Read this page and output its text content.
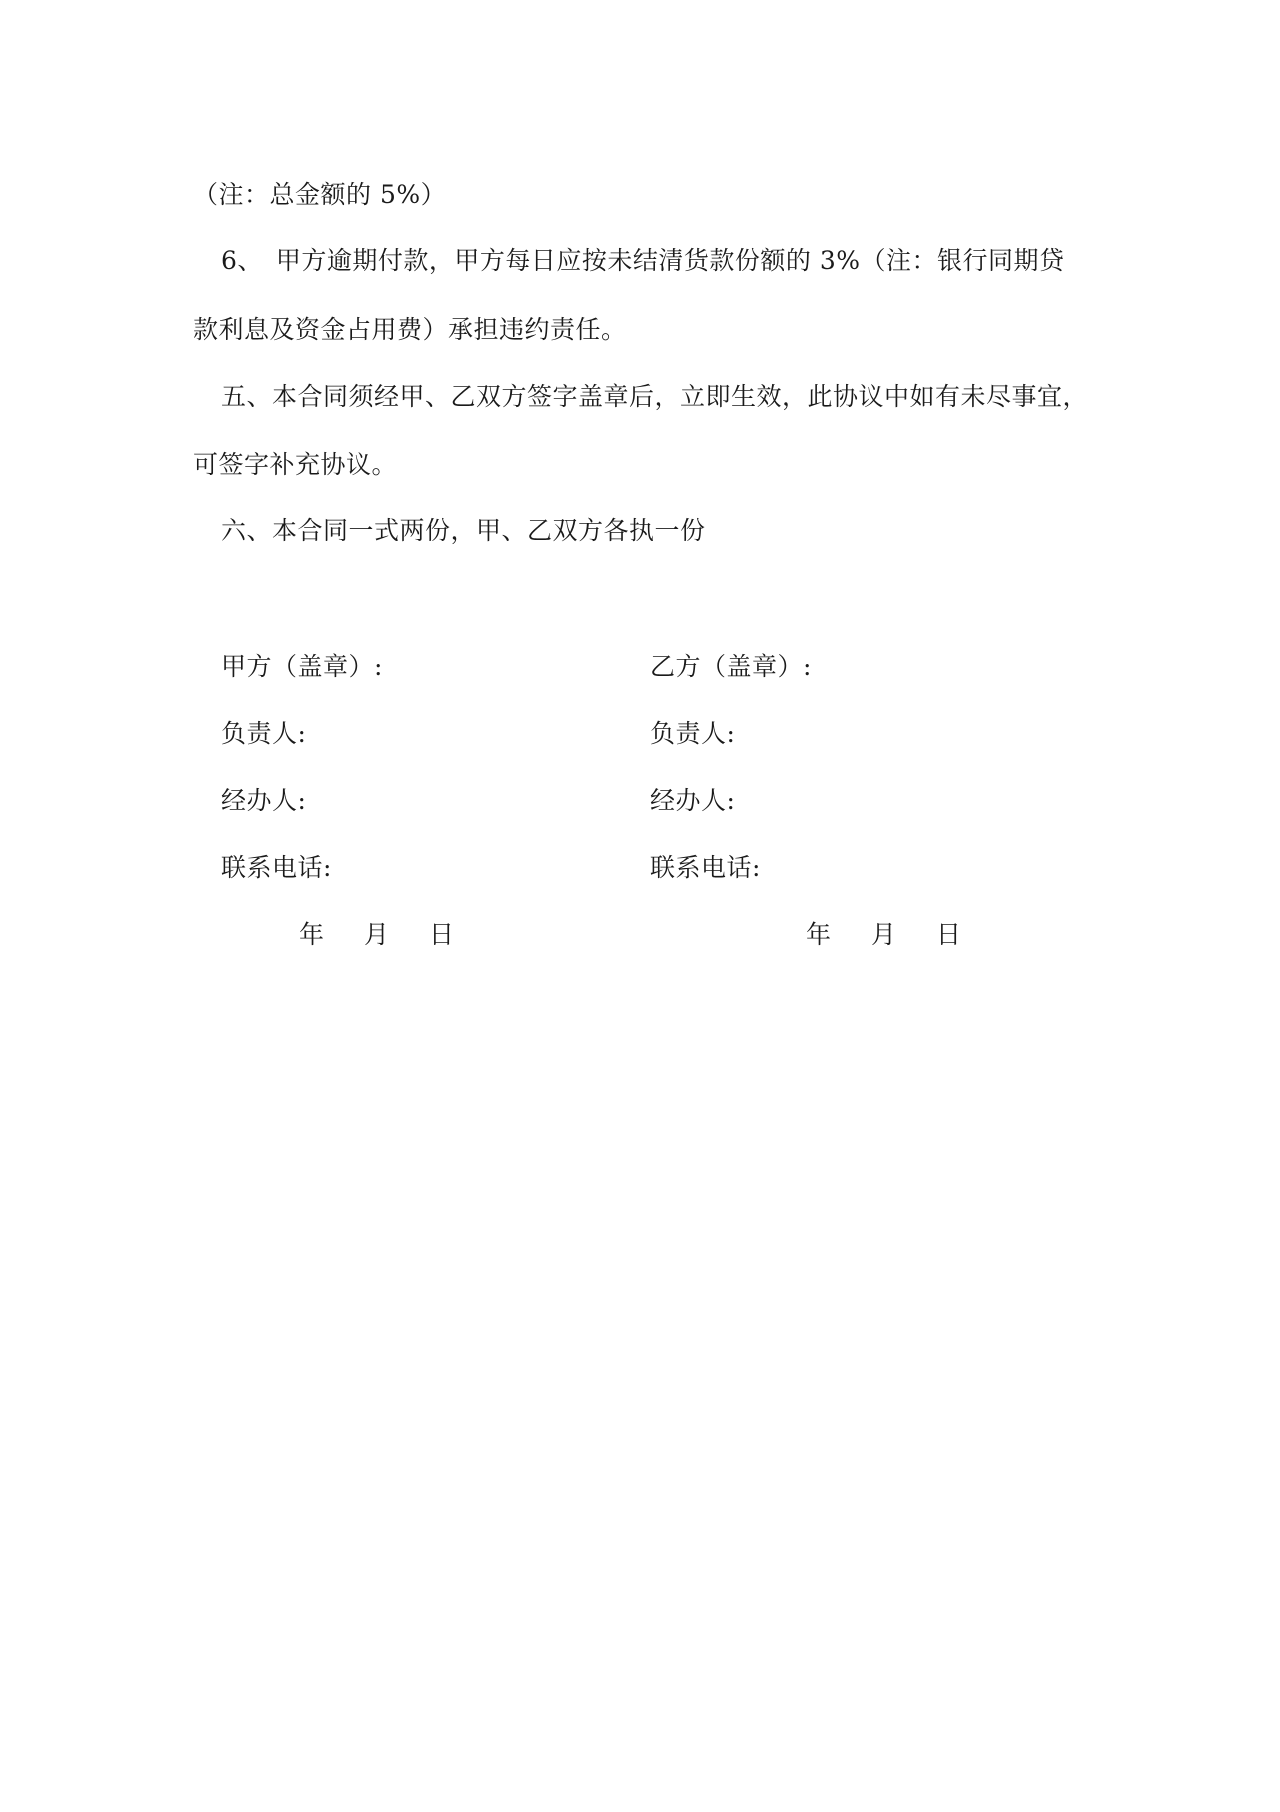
（注：总金额的 5%）
6、　甲方逾期付款，甲方每日应按未结清货款份额的 3%（注：银行同期贷
款利息及资金占用费）承担违约责任。
五、本合同须经甲、乙双方签字盖章后，立即生效，此协议中如有未尽事宜，
可签字补充协议。
六、本合同一式两份，甲、乙双方各执一份
甲方（盖章）:	乙方（盖章）:
负责人:	负责人:
经办人:	经办人:
联系电话:	联系电话:
年 月 日	年 月 日
